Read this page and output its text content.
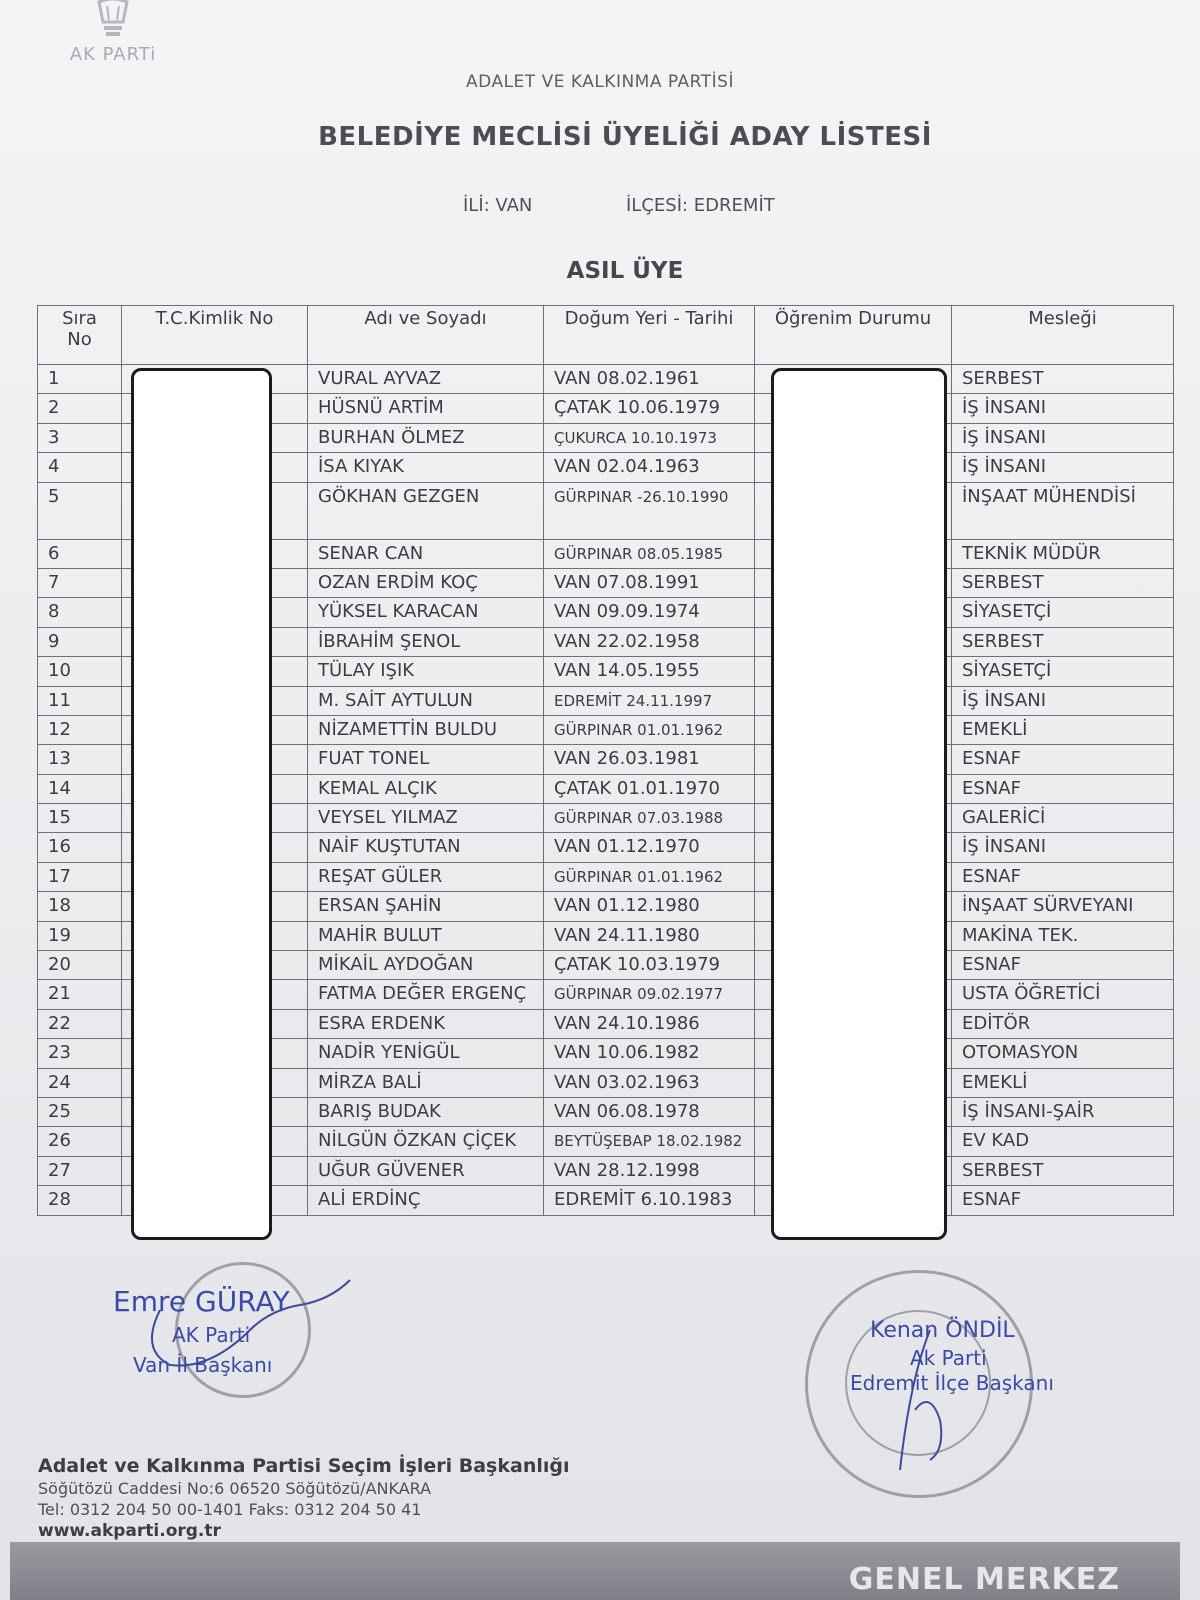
AK PARTi
ADALET VE KALKINMA PARTİSİ
BELEDİYE MECLİSİ ÜYELİĞİ ADAY LİSTESİ
İLİ: VAN	İLÇESİ: EDREMİT
ASIL ÜYE
Sıra
No	T.C.Kimlik No	Adı ve Soyadı	Doğum Yeri - Tarihi	Öğrenim Durumu	Mesleği
1		VURAL AYVAZ	VAN 08.02.1961		SERBEST
2		HÜSNÜ ARTİM	ÇATAK 10.06.1979		İŞ İNSANI
3		BURHAN ÖLMEZ	ÇUKURCA 10.10.1973		İŞ İNSANI
4		İSA KIYAK	VAN 02.04.1963		İŞ İNSANI
5		GÖKHAN GEZGEN	GÜRPINAR -26.10.1990		İNŞAAT MÜHENDİSİ
6		SENAR CAN	GÜRPINAR 08.05.1985		TEKNİK MÜDÜR
7		OZAN ERDİM KOÇ	VAN 07.08.1991		SERBEST
8		YÜKSEL KARACAN	VAN 09.09.1974		SİYASETÇİ
9		İBRAHİM ŞENOL	VAN 22.02.1958		SERBEST
10		TÜLAY IŞIK	VAN 14.05.1955		SİYASETÇİ
11		M. SAİT AYTULUN	EDREMİT 24.11.1997		İŞ İNSANI
12		NİZAMETTİN BULDU	GÜRPINAR 01.01.1962		EMEKLİ
13		FUAT TONEL	VAN 26.03.1981		ESNAF
14		KEMAL ALÇIK	ÇATAK 01.01.1970		ESNAF
15		VEYSEL YILMAZ	GÜRPINAR 07.03.1988		GALERİCİ
16		NAİF KUŞTUTAN	VAN 01.12.1970		İŞ İNSANI
17		REŞAT GÜLER	GÜRPINAR 01.01.1962		ESNAF
18		ERSAN ŞAHİN	VAN 01.12.1980		İNŞAAT SÜRVEYANI
19		MAHİR BULUT	VAN 24.11.1980		MAKİNA TEK.
20		MİKAİL AYDOĞAN	ÇATAK 10.03.1979		ESNAF
21		FATMA DEĞER ERGENÇ	GÜRPINAR 09.02.1977		USTA ÖĞRETİCİ
22		ESRA ERDENK	VAN 24.10.1986		EDİTÖR
23		NADİR YENİGÜL	VAN 10.06.1982		OTOMASYON
24		MİRZA BALİ	VAN 03.02.1963		EMEKLİ
25		BARIŞ BUDAK	VAN 06.08.1978		İŞ İNSANI-ŞAİR
26		NİLGÜN ÖZKAN ÇİÇEK	BEYTÜŞEBAP 18.02.1982		EV KAD
27		UĞUR GÜVENER	VAN 28.12.1998		SERBEST
28		ALİ ERDİNÇ	EDREMİT 6.10.1983		ESNAF
Emre GÜRAY
AK Parti
Van İl Başkanı
Kenan ÖNDİL
Ak Parti
Edremit İlçe Başkanı
Adalet ve Kalkınma Partisi Seçim İşleri Başkanlığı
Söğütözü Caddesi No:6 06520 Söğütözü/ANKARA
Tel: 0312 204 50 00-1401 Faks: 0312 204 50 41
www.akparti.org.tr
GENEL MERKEZ
